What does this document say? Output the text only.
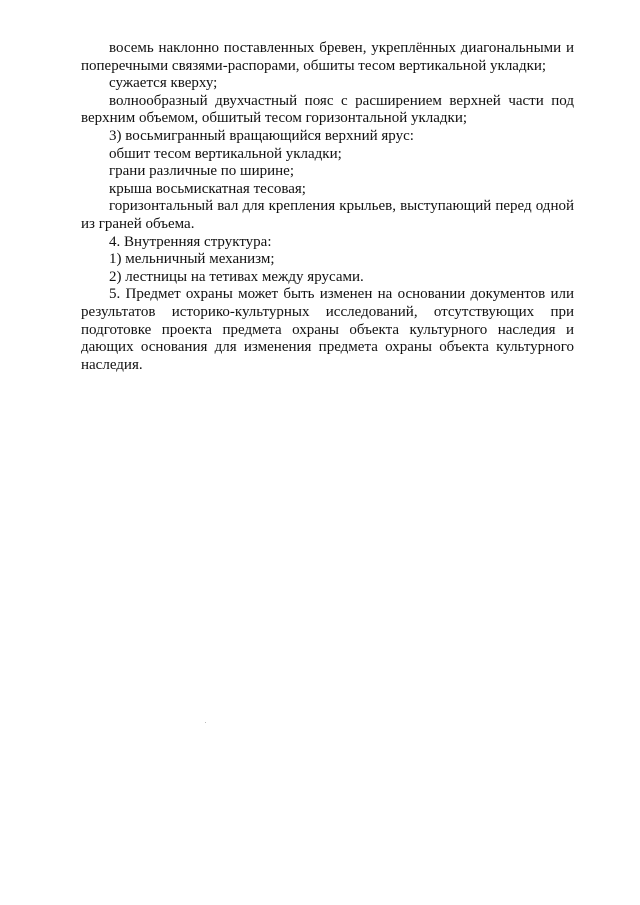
восемь наклонно поставленных бревен, укреплённых диагональными и поперечными связями-распорами, обшиты тесом вертикальной укладки;

сужается кверху;

волнообразный двухчастный пояс с расширением верхней части под верхним объемом, обшитый тесом горизонтальной укладки;

3) восьмигранный вращающийся верхний ярус:

обшит тесом вертикальной укладки;

грани различные по ширине;

крыша восьмискатная тесовая;

горизонтальный вал для крепления крыльев, выступающий перед одной из граней объема.

4. Внутренняя структура:

1) мельничный механизм;

2) лестницы на тетивах между ярусами.

5. Предмет охраны может быть изменен на основании документов или результатов историко-культурных исследований, отсутствующих при подготовке проекта предмета охраны объекта культурного наследия и дающих основания для изменения предмета охраны объекта культурного наследия.
